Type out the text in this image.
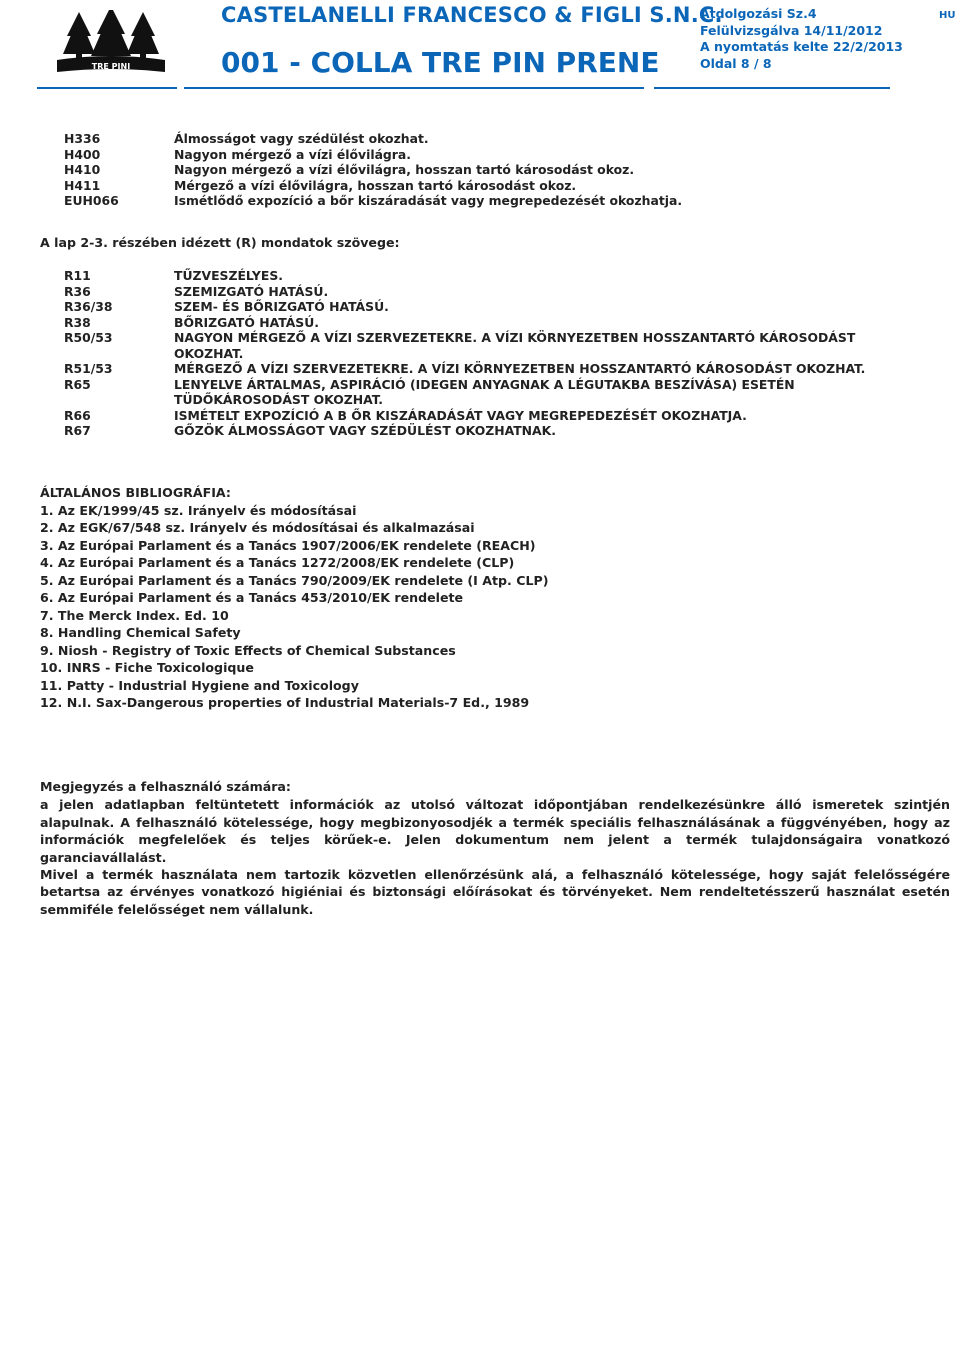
TRE PINI
CASTELANELLI FRANCESCO & FIGLI S.N.C.
001 - COLLA TRE PIN PRENE
Átdolgozási Sz.4
Felülvizsgálva 14/11/2012
A nyomtatás kelte 22/2/2013
Oldal 8 / 8
HU
H336	Álmosságot vagy szédülést okozhat.
H400	Nagyon mérgező a vízi élővilágra.
H410	Nagyon mérgező a vízi élővilágra, hosszan tartó károsodást okoz.
H411	Mérgező a vízi élővilágra, hosszan tartó károsodást okoz.
EUH066	Ismétlődő expozíció a bőr kiszáradását vagy megrepedezését okozhatja.
A lap 2-3. részében idézett (R) mondatok szövege:
R11	TŰZVESZÉLYES.
R36	SZEMIZGATÓ HATÁSÚ.
R36/38	SZEM- ÉS BŐRIZGATÓ HATÁSÚ.
R38	BŐRIZGATÓ HATÁSÚ.
R50/53	NAGYON MÉRGEZŐ A VÍZI SZERVEZETEKRE. A VÍZI KÖRNYEZETBEN HOSSZANTARTÓ KÁROSODÁST OKOZHAT.
R51/53	MÉRGEZŐ A VÍZI SZERVEZETEKRE. A VÍZI KÖRNYEZETBEN HOSSZANTARTÓ KÁROSODÁST OKOZHAT.
R65	LENYELVE ÁRTALMAS, ASPIRÁCIÓ (IDEGEN ANYAGNAK A LÉGUTAKBA BESZÍVÁSA) ESETÉN TÜDŐKÁROSODÁST OKOZHAT.
R66	ISMÉTELT EXPOZÍCIÓ A B ŐR KISZÁRADÁSÁT VAGY MEGREPEDEZÉSÉT OKOZHATJA.
R67	GŐZÖK ÁLMOSSÁGOT VAGY SZÉDÜLÉST OKOZHATNAK.
ÁLTALÁNOS BIBLIOGRÁFIA:
1. Az EK/1999/45 sz. Irányelv és módosításai
2. Az EGK/67/548 sz. Irányelv és módosításai és alkalmazásai
3. Az Európai Parlament és a Tanács 1907/2006/EK rendelete (REACH)
4. Az Európai Parlament és a Tanács 1272/2008/EK rendelete (CLP)
5. Az Európai Parlament és a Tanács 790/2009/EK rendelete (I Atp. CLP)
6. Az Európai Parlament és a Tanács 453/2010/EK rendelete
7. The Merck Index. Ed. 10
8. Handling Chemical Safety
9. Niosh - Registry of Toxic Effects of Chemical Substances
10. INRS - Fiche Toxicologique
11. Patty - Industrial Hygiene and Toxicology
12. N.I. Sax-Dangerous properties of Industrial Materials-7 Ed., 1989

Megjegyzés a felhasználó számára:

a jelen adatlapban feltüntetett információk az utolsó változat időpontjában rendelkezésünkre álló ismeretek szintjén alapulnak. A felhasználó kötelessége, hogy megbizonyosodjék a termék speciális felhasználásának a függvényében, hogy az információk megfelelőek és teljes körűek-e. Jelen dokumentum nem jelent a termék tulajdonságaira vonatkozó garanciavállalást.

Mivel a termék használata nem tartozik közvetlen ellenőrzésünk alá, a felhasználó kötelessége, hogy saját felelősségére betartsa az érvényes vonatkozó higiéniai és biztonsági előírásokat és törvényeket. Nem rendeltetésszerű használat esetén semmiféle felelősséget nem vállalunk.
